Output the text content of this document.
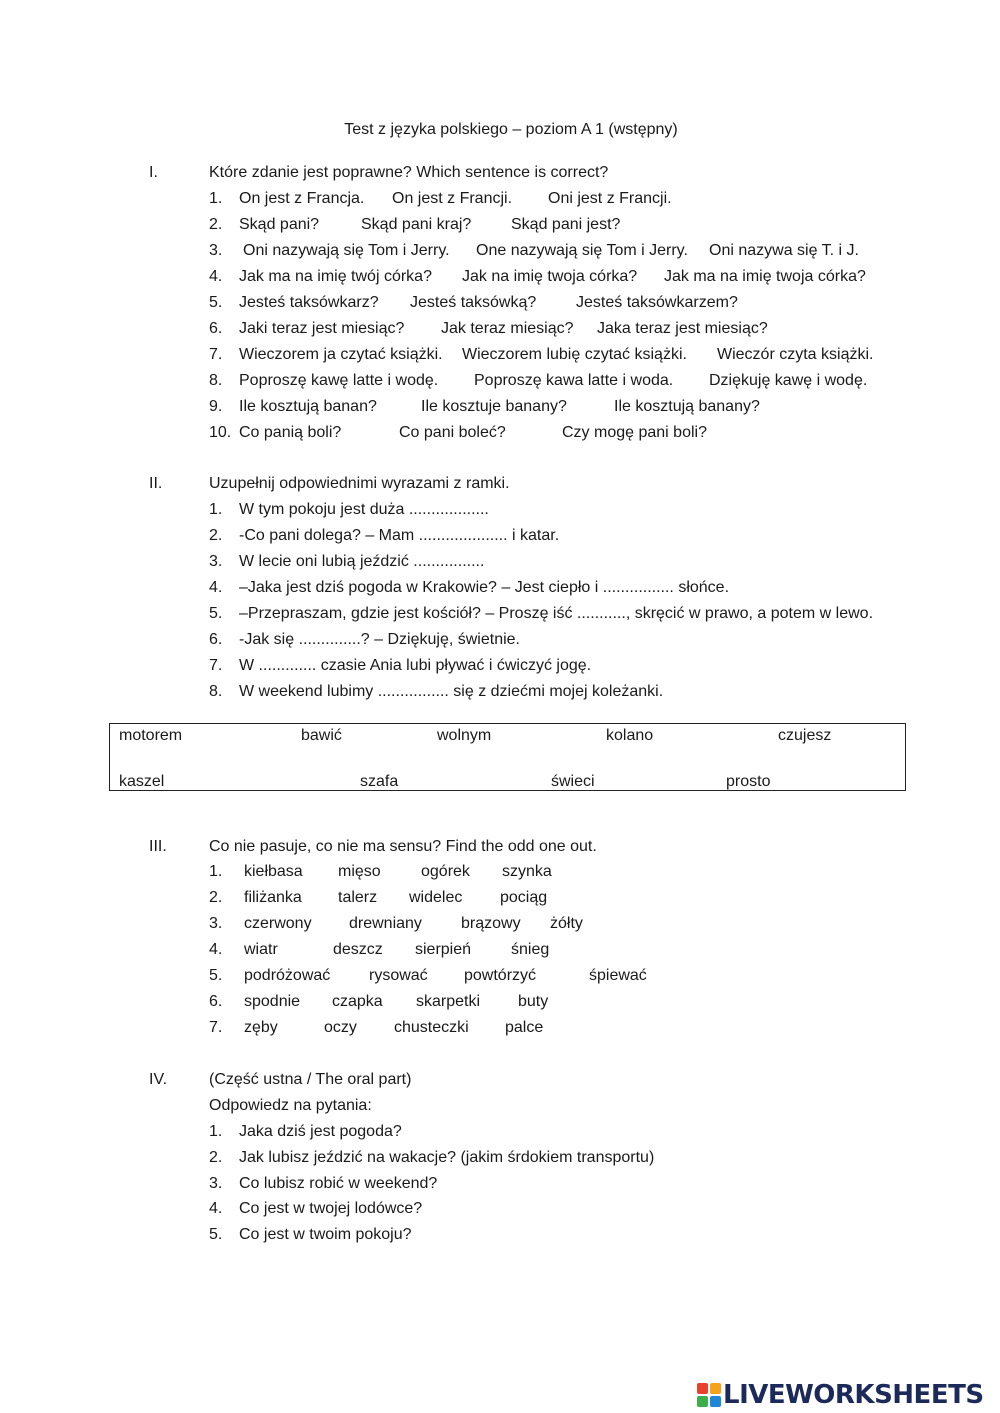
Test z języka polskiego – poziom A 1 (wstępny)
I.	Które zdanie jest poprawne? Which sentence is correct?
1. On jest z Francja. On jest z Francji. Oni jest z Francji.
2. Skąd pani?	Skąd pani kraj? Skąd pani jest?
3. Oni nazywają się Tom i Jerry. One nazywają się Tom i Jerry. Oni nazywa się T. i J.
4. Jak ma na imię twój córka? Jak na imię twoja córka? Jak ma na imię twoja córka?
5. Jesteś taksówkarz? Jesteś taksówką? Jesteś taksówkarzem?
6. Jaki teraz jest miesiąc? Jak teraz miesiąc? Jaka teraz jest miesiąc?
7. Wieczorem ja czytać książki. Wieczorem lubię czytać książki. Wieczór czyta książki.
8. Poproszę kawę latte i wodę. Poproszę kawa latte i woda. Dziękuję kawę i wodę.
9. Ile kosztują banan?	Ile kosztuje banany?	Ile kosztują banany?
10. Co panią boli?	Co pani boleć?	Czy mogę pani boli?
II.	Uzupełnij odpowiednimi wyrazami z ramki.
1. W tym pokoju jest duża ..................
2. -Co pani dolega? – Mam .................... i katar.
3. W lecie oni lubią jeździć ................
4. –Jaka jest dziś pogoda w Krakowie? – Jest ciepło i ................ słońce.
5. –Przepraszam, gdzie jest kościół? – Proszę iść ..........., skręcić w prawo, a potem w lewo.
6. -Jak się ..............? – Dziękuję, świetnie.
7. W ............. czasie Ania lubi pływać i ćwiczyć jogę.
8. W weekend lubimy ................ się z dziećmi mojej koleżanki.
motorem	bawić	wolnym	kolano	czujesz
kaszel	szafa	świeci	prosto
III.	Co nie pasuje, co nie ma sensu? Find the odd one out.
1. kiełbasa mięso	ogórek szynka
2. filiżanka talerz widelec pociąg
3. czerwony drewniany brązowy żółty
4. wiatr	deszcz sierpień śnieg
5. podróżować rysować powtórzyć	śpiewać
6. spodnie czapka skarpetki buty
7. zęby	oczy chusteczki palce
IV.	(Część ustna / The oral part)
Odpowiedz na pytania:
1. Jaka dziś jest pogoda?
2. Jak lubisz jeździć na wakacje? (jakim śrdokiem transportu)
3. Co lubisz robić w weekend?
4. Co jest w twojej lodówce?
5. Co jest w twoim pokoju?
LIVEWORKSHEETS
